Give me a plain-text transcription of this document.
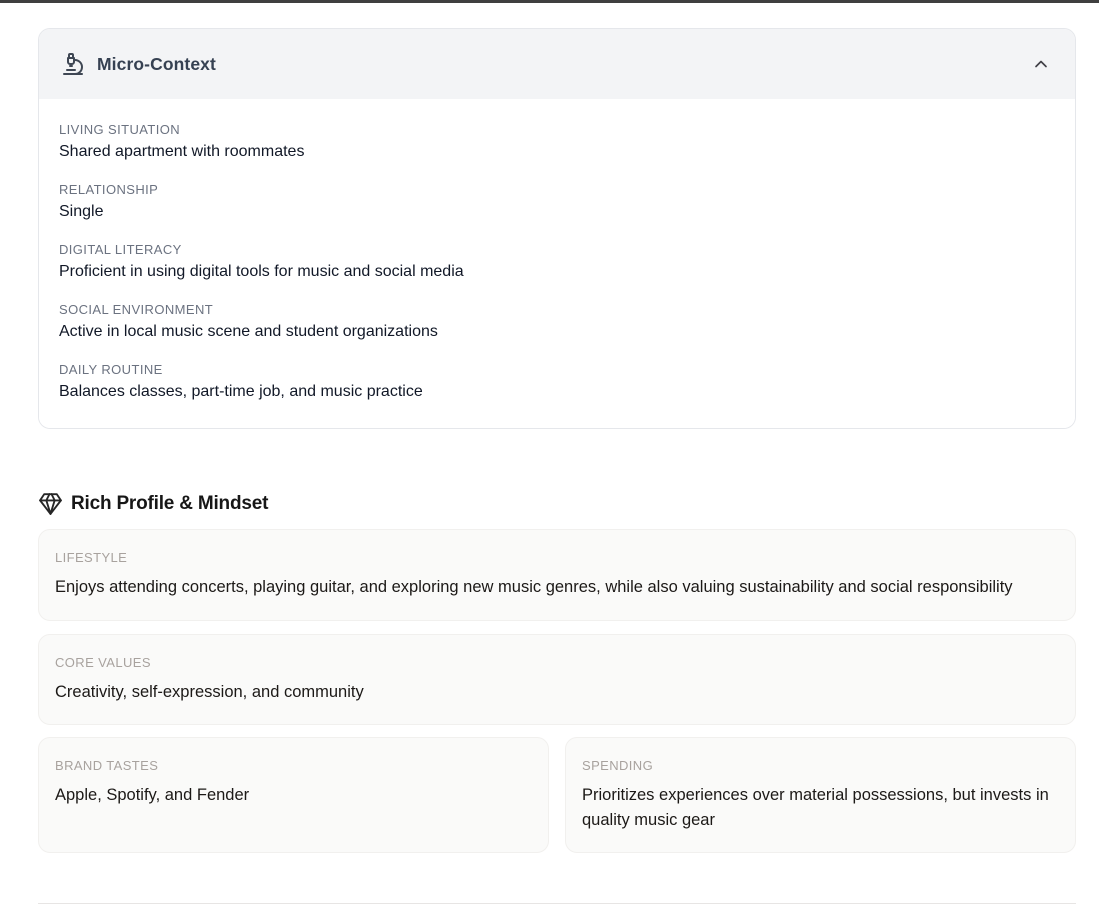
Micro-Context
LIVING SITUATION
Shared apartment with roommates
RELATIONSHIP
Single
DIGITAL LITERACY
Proficient in using digital tools for music and social media
SOCIAL ENVIRONMENT
Active in local music scene and student organizations
DAILY ROUTINE
Balances classes, part-time job, and music practice
Rich Profile & Mindset
LIFESTYLE
Enjoys attending concerts, playing guitar, and exploring new music genres, while also valuing sustainability and social responsibility
CORE VALUES
Creativity, self-expression, and community
BRAND TASTES
Apple, Spotify, and Fender
SPENDING
Prioritizes experiences over material possessions, but invests in quality music gear
